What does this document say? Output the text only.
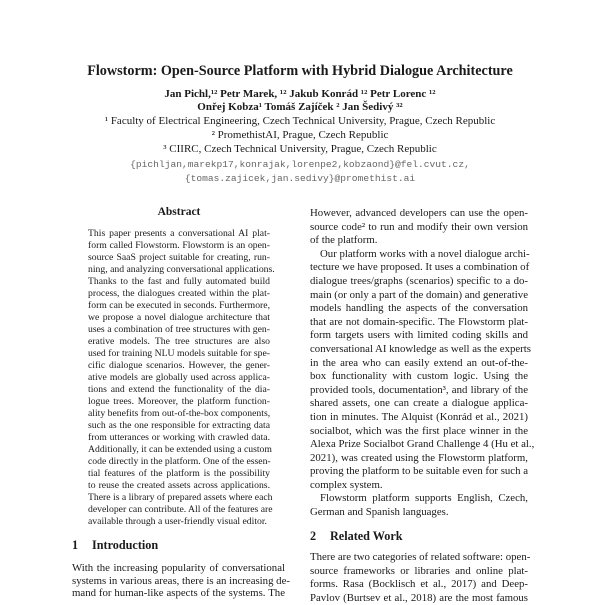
Flowstorm: Open-Source Platform with Hybrid Dialogue Architecture
Jan Pichl,¹² Petr Marek, ¹² Jakub Konrád ¹² Petr Lorenc ¹²
Onřej Kobza¹ Tomáš Zajíček ² Jan Šedivý ³²
¹ Faculty of Electrical Engineering, Czech Technical University, Prague, Czech Republic
² PromethistAI, Prague, Czech Republic
³ CIIRC, Czech Technical University, Prague, Czech Republic
{pichljan,marekp17,konrajak,lorenpe2,kobzaond}@fel.cvut.cz,
{tomas.zajicek,jan.sedivy}@promethist.ai
Abstract
This paper presents a conversational AI plat-
form called Flowstorm. Flowstorm is an open-
source SaaS project suitable for creating, run-
ning, and analyzing conversational applications.
Thanks to the fast and fully automated build
process, the dialogues created within the plat-
form can be executed in seconds. Furthermore,
we propose a novel dialogue architecture that
uses a combination of tree structures with gen-
erative models. The tree structures are also
used for training NLU models suitable for spe-
cific dialogue scenarios. However, the gener-
ative models are globally used across applica-
tions and extend the functionality of the dia-
logue trees. Moreover, the platform function-
ality benefits from out-of-the-box components,
such as the one responsible for extracting data
from utterances or working with crawled data.
Additionally, it can be extended using a custom
code directly in the platform. One of the essen-
tial features of the platform is the possibility
to reuse the created assets across applications.
There is a library of prepared assets where each
developer can contribute. All of the features are
available through a user-friendly visual editor.
1 Introduction
With the increasing popularity of conversational
systems in various areas, there is an increasing de-
mand for human-like aspects of the systems. The
However, advanced developers can use the open-
source code² to run and modify their own version
of the platform.
Our platform works with a novel dialogue archi-
tecture we have proposed. It uses a combination of
dialogue trees/graphs (scenarios) specific to a do-
main (or only a part of the domain) and generative
models handling the aspects of the conversation
that are not domain-specific. The Flowstorm plat-
form targets users with limited coding skills and
conversational AI knowledge as well as the experts
in the area who can easily extend an out-of-the-
box functionality with custom logic. Using the
provided tools, documentation³, and library of the
shared assets, one can create a dialogue applica-
tion in minutes. The Alquist (Konrád et al., 2021)
socialbot, which was the first place winner in the
Alexa Prize Socialbot Grand Challenge 4 (Hu et al.,
2021), was created using the Flowstorm platform,
proving the platform to be suitable even for such a
complex system.
Flowstorm platform supports English, Czech,
German and Spanish languages.
2 Related Work
There are two categories of related software: open-
source frameworks or libraries and online plat-
forms. Rasa (Bocklisch et al., 2017) and Deep-
Pavlov (Burtsev et al., 2018) are the most famous
